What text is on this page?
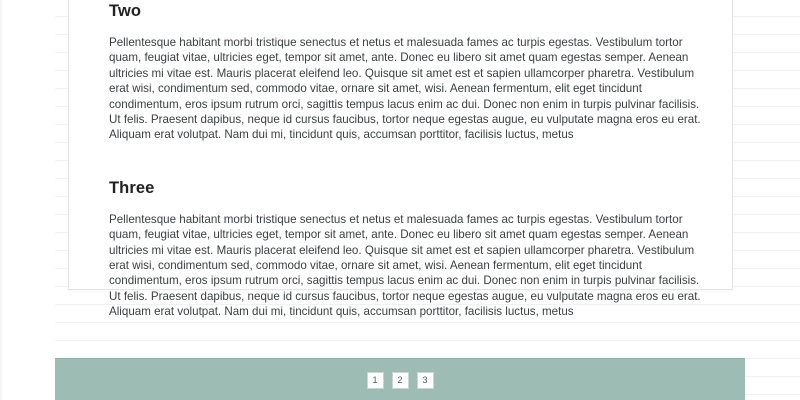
Two

Pellentesque habitant morbi tristique senectus et netus et malesuada fames ac turpis egestas. Vestibulum tortor quam, feugiat vitae, ultricies eget, tempor sit amet, ante. Donec eu libero sit amet quam egestas semper. Aenean ultricies mi vitae est. Mauris placerat eleifend leo. Quisque sit amet est et sapien ullamcorper pharetra. Vestibulum erat wisi, condimentum sed, commodo vitae, ornare sit amet, wisi. Aenean fermentum, elit eget tincidunt condimentum, eros ipsum rutrum orci, sagittis tempus lacus enim ac dui. Donec non enim in turpis pulvinar facilisis. Ut felis. Praesent dapibus, neque id cursus faucibus, tortor neque egestas augue, eu vulputate magna eros eu erat. Aliquam erat volutpat. Nam dui mi, tincidunt quis, accumsan porttitor, facilisis luctus, metus

Three

Pellentesque habitant morbi tristique senectus et netus et malesuada fames ac turpis egestas. Vestibulum tortor quam, feugiat vitae, ultricies eget, tempor sit amet, ante. Donec eu libero sit amet quam egestas semper. Aenean ultricies mi vitae est. Mauris placerat eleifend leo. Quisque sit amet est et sapien ullamcorper pharetra. Vestibulum erat wisi, condimentum sed, commodo vitae, ornare sit amet, wisi. Aenean fermentum, elit eget tincidunt condimentum, eros ipsum rutrum orci, sagittis tempus lacus enim ac dui. Donec non enim in turpis pulvinar facilisis. Ut felis. Praesent dapibus, neque id cursus faucibus, tortor neque egestas augue, eu vulputate magna eros eu erat. Aliquam erat volutpat. Nam dui mi, tincidunt quis, accumsan porttitor, facilisis luctus, metus

1	2	3
